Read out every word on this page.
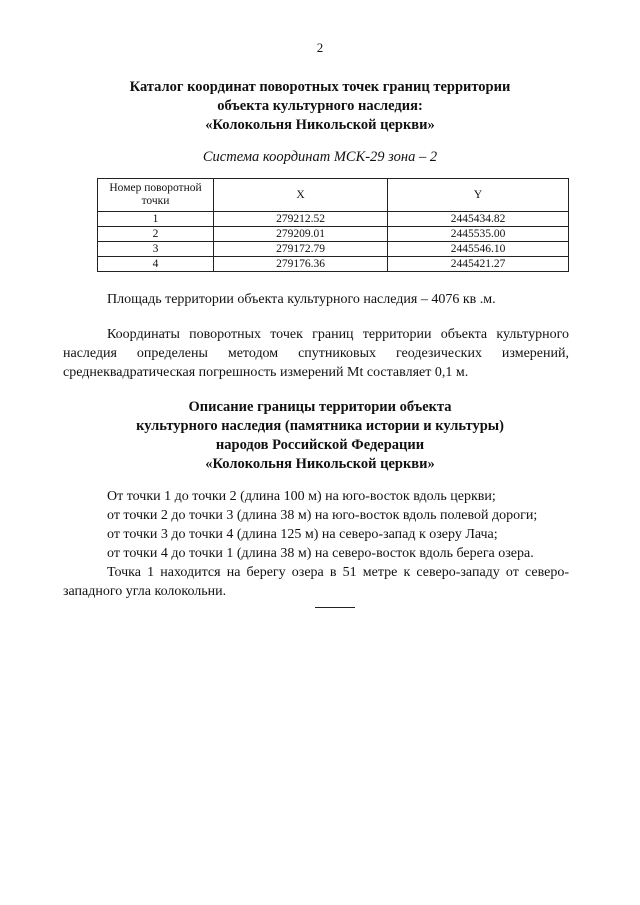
2
Каталог координат поворотных точек границ территории
объекта культурного наследия:
«Колокольня Никольской церкви»
Система координат МСК-29 зона – 2
Номер поворотной точки	X	Y
1	279212.52	2445434.82
2	279209.01	2445535.00
3	279172.79	2445546.10
4	279176.36	2445421.27
Площадь территории объекта культурного наследия – 4076 кв .м.
Координаты поворотных точек границ территории объекта культурного
наследия определены методом спутниковых геодезических измерений,
среднеквадратическая погрешность измерений Mt составляет 0,1 м.
Описание границы территории объекта
культурного наследия (памятника истории и культуры)
народов Российской Федерации
«Колокольня Никольской церкви»
От точки 1 до точки 2 (длина 100 м) на юго-восток вдоль церкви;
от точки 2 до точки 3 (длина 38 м) на юго-восток вдоль полевой дороги;
от точки 3 до точки 4 (длина 125 м) на северо-запад к озеру Лача;
от точки 4 до точки 1 (длина 38 м) на северо-восток вдоль берега озера.
Точка 1 находится на берегу озера в 51 метре к северо-западу от северо-
западного угла колокольни.
